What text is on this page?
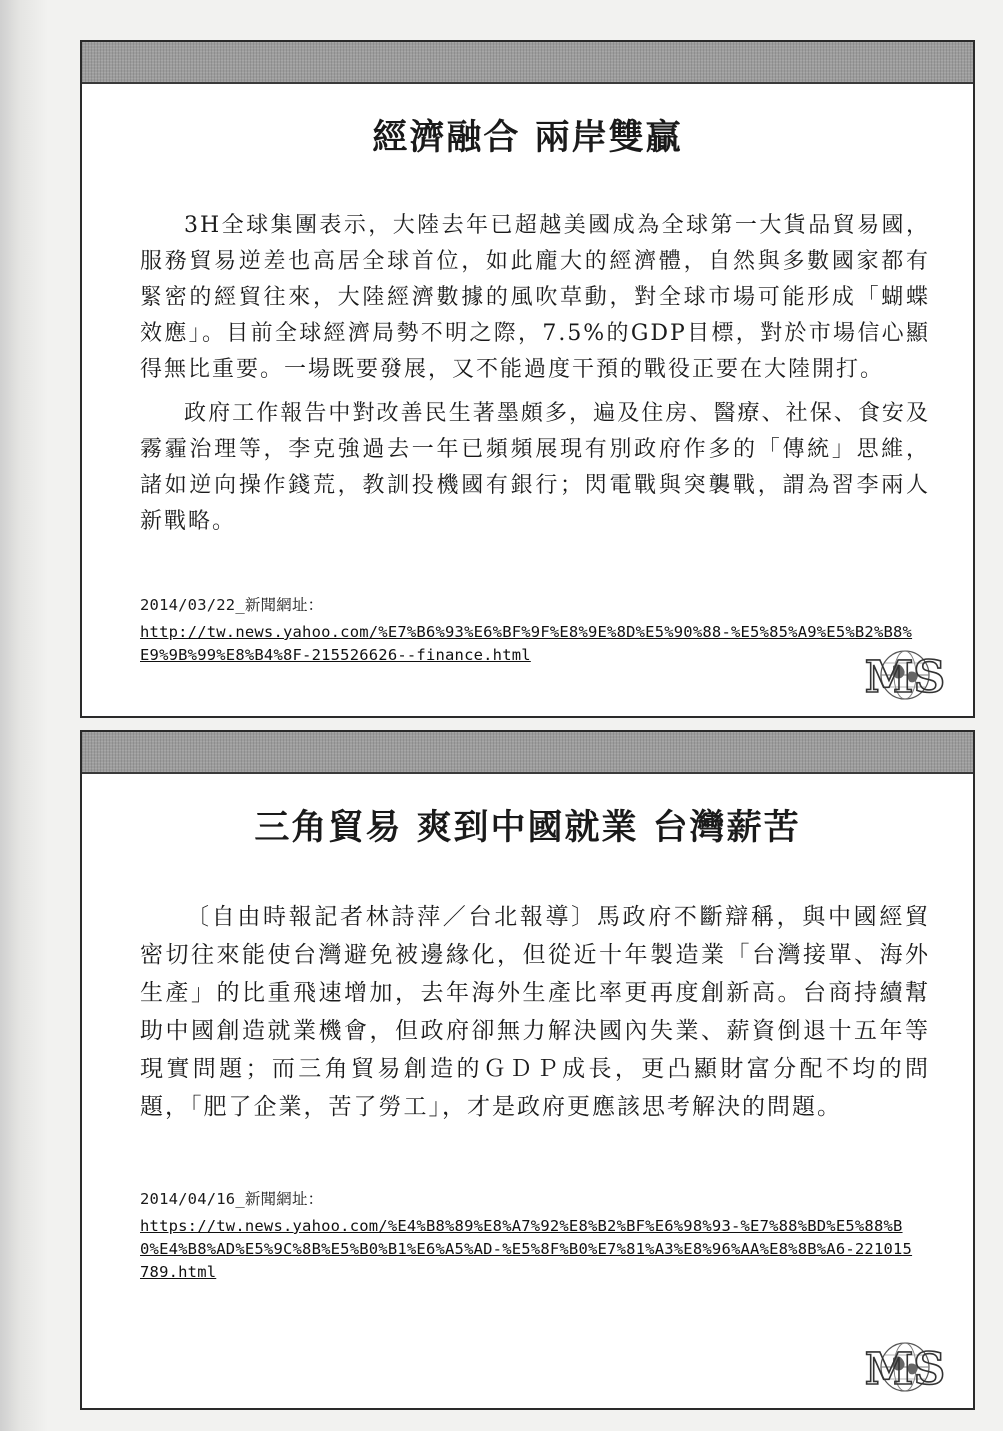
經濟融合 兩岸雙贏

3H全球集團表示，大陸去年已超越美國成為全球第一大貨品貿易國，服務貿易逆差也高居全球首位，如此龐大的經濟體，自然與多數國家都有緊密的經貿往來，大陸經濟數據的風吹草動，對全球市場可能形成「蝴蝶效應」。目前全球經濟局勢不明之際，7.5%的GDP目標，對於市場信心顯得無比重要。一場既要發展，又不能過度干預的戰役正要在大陸開打。

政府工作報告中對改善民生著墨頗多，遍及住房、醫療、社保、食安及霧霾治理等，李克強過去一年已頻頻展現有別政府作多的「傳統」思維，諸如逆向操作錢荒，教訓投機國有銀行；閃電戰與突襲戰，謂為習李兩人新戰略。

2014/03/22_新聞網址：
http://tw.news.yahoo.com/%E7%B6%93%E6%BF%9F%E8%9E%8D%E5%90%88-%E5%85%A9%E5%B2%B8%E9%9B%99%E8%B4%8F-215526626--finance.html	MS
三角貿易 爽到中國就業 台灣薪苦

〔自由時報記者林詩萍／台北報導〕馬政府不斷辯稱，與中國經貿密切往來能使台灣避免被邊緣化，但從近十年製造業「台灣接單、海外生產」的比重飛速增加，去年海外生產比率更再度創新高。台商持續幫助中國創造就業機會，但政府卻無力解決國內失業、薪資倒退十五年等現實問題；而三角貿易創造的ＧＤＰ成長，更凸顯財富分配不均的問題，「肥了企業，苦了勞工」，才是政府更應該思考解決的問題。

2014/04/16_新聞網址：
https://tw.news.yahoo.com/%E4%B8%89%E8%A7%92%E8%B2%BF%E6%98%93-%E7%88%BD%E5%88%B0%E4%B8%AD%E5%9C%8B%E5%B0%B1%E6%A5%AD-%E5%8F%B0%E7%81%A3%E8%96%AA%E8%8B%A6-221015789.html
MS
